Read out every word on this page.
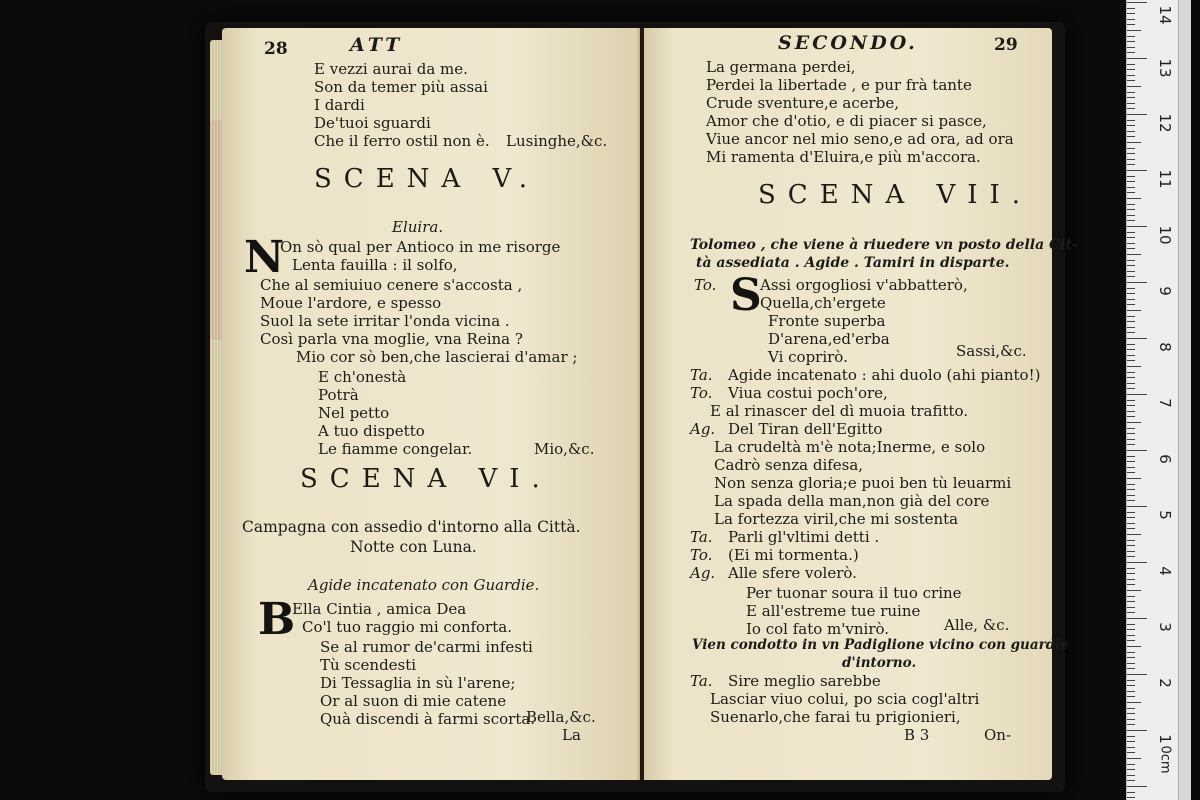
28	ATT
E vezzi aurai da me.
Son da temer più assai
I dardi
De'tuoi sguardi
Che il ferro ostil non è. Lusinghe,&c.
SCENA V.
Eluira.
N
On sò qual per Antioco in me risorge
Lenta fauilla : il solfo,
Che al semiuiuo cenere s'accosta ,
Moue l'ardore, e spesso
Suol la sete irritar l'onda vicina .
Così parla vna moglie, vna Reina ?
Mio cor sò ben,che lascierai d'amar ;
E ch'onestà
Potrà
Nel petto
A tuo dispetto
Le fiamme congelar.	Mio,&c.
SCENA VI.
Campagna con assedio d'intorno alla Città.
Notte con Luna.
Agide incatenato con Guardie.
B
Ella Cintia , amica Dea
Co'l tuo raggio mi conforta.
Se al rumor de'carmi infesti
Tù scendesti
Di Tessaglia in sù l'arene;
Or al suon di mie catene
Quà discendi à farmi scorta.
Bella,&c.
La
SECONDO.	29
La germana perdei,
Perdei la libertade , e pur frà tante
Crude sventure,e acerbe,
Amor che d'otio, e di piacer si pasce,
Viue ancor nel mio seno,e ad ora, ad ora
Mi ramenta d'Eluira,e più m'accora.
SCENA VII.
Tolomeo , che viene à riuedere vn posto della Cit-
tà assediata . Agide . Tamiri in disparte.
To. S
Assi orgogliosi v'abbatterò,
Quella,ch'ergete
Fronte superba
D'arena,ed'erba
Vi coprirò.	Sassi,&c.
Ta. Agide incatenato : ahi duolo (ahi pianto!)
To. Viua costui poch'ore,
E al rinascer del dì muoia trafitto.
Ag. Del Tiran dell'Egitto
La crudeltà m'è nota;Inerme, e solo
Cadrò senza difesa,
Non senza gloria;e puoi ben tù leuarmi
La spada della man,non già del core
La fortezza viril,che mi sostenta
Ta. Parli gl'vltimi detti .
To. (Ei mi tormenta.)
Ag. Alle sfere volerò.
Per tuonar soura il tuo crine
E all'estreme tue ruine
Io col fato m'vnirò.	Alle, &c.
Vien condotto in vn Padiglione vicino con guardie
d'intorno.
Ta. Sire meglio sarebbe
Lasciar viuo colui, po scia cogl'altri
Suenarlo,che farai tu prigionieri,
B 3	On-
14
13
12
11
10
9
8
7
6
5
4
3
2
1
0cm
